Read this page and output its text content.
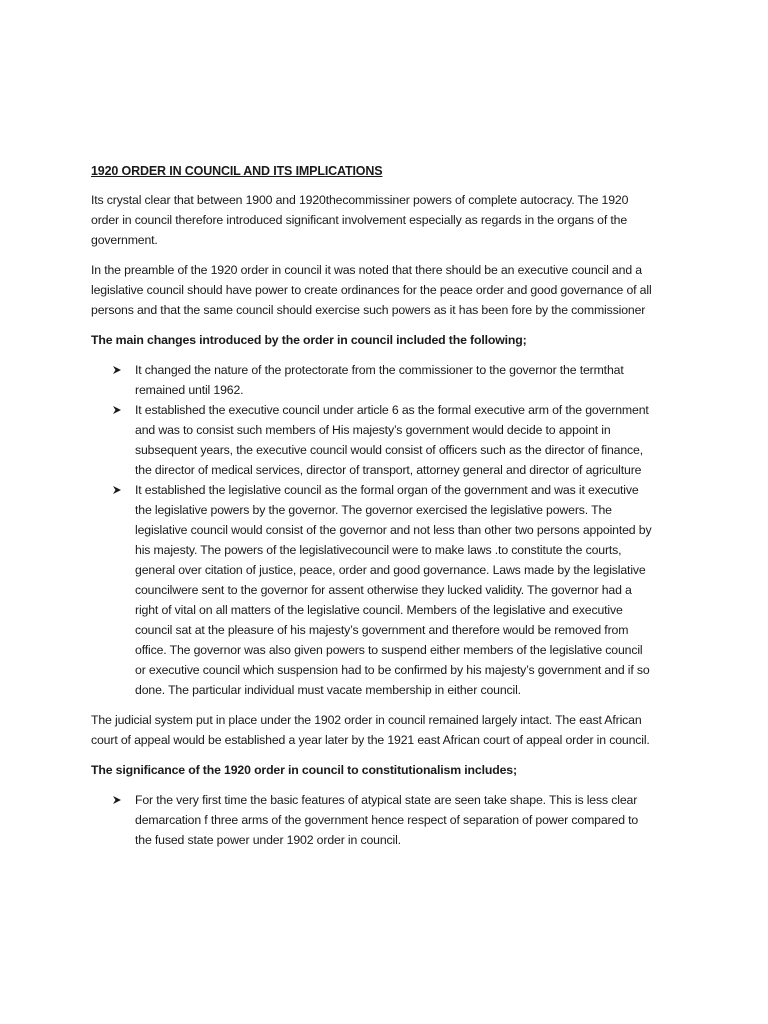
1920 ORDER IN COUNCIL AND ITS IMPLICATIONS

Its crystal clear that between 1900 and 1920thecommissiner powers of complete autocracy. The 1920 order in council therefore introduced significant involvement especially as regards in the organs of the government.

In the preamble of the 1920 order in council it was noted that there should be an executive council and a legislative council should have power to create ordinances for the peace order and good governance of all persons and that the same council should exercise such powers as it has been fore by the commissioner

The main changes introduced by the order in council included the following;
It changed the nature of the protectorate from the commissioner to the governor the termthat remained until 1962.
It established the executive council under article 6 as the formal executive arm of the government and was to consist such members of His majesty’s government would decide to appoint in subsequent years, the executive council would consist of officers such as the director of finance, the director of medical services, director of transport, attorney general and director of agriculture
It established the legislative council as the formal organ of the government and was it executive the legislative powers by the governor. The governor exercised the legislative powers. The legislative council would consist of the governor and not less than other two persons appointed by his majesty. The powers of the legislativecouncil were to make laws .to constitute the courts, general over citation of justice, peace, order and good governance. Laws made by the legislative councilwere sent to the governor for assent otherwise they lucked validity. The governor had a right of vital on all matters of the legislative council. Members of the legislative and executive council sat at the pleasure of his majesty’s government and therefore would be removed from office. The governor was also given powers to suspend either members of the legislative council or executive council which suspension had to be confirmed by his majesty’s government and if so done. The particular individual must vacate membership in either council.

The judicial system put in place under the 1902 order in council remained largely intact. The east African court of appeal would be established a year later by the 1921 east African court of appeal order in council.

The significance of the 1920 order in council to constitutionalism includes;
For the very first time the basic features of atypical state are seen take shape. This is less clear demarcation f three arms of the government hence respect of separation of power compared to the fused state power under 1902 order in council.
